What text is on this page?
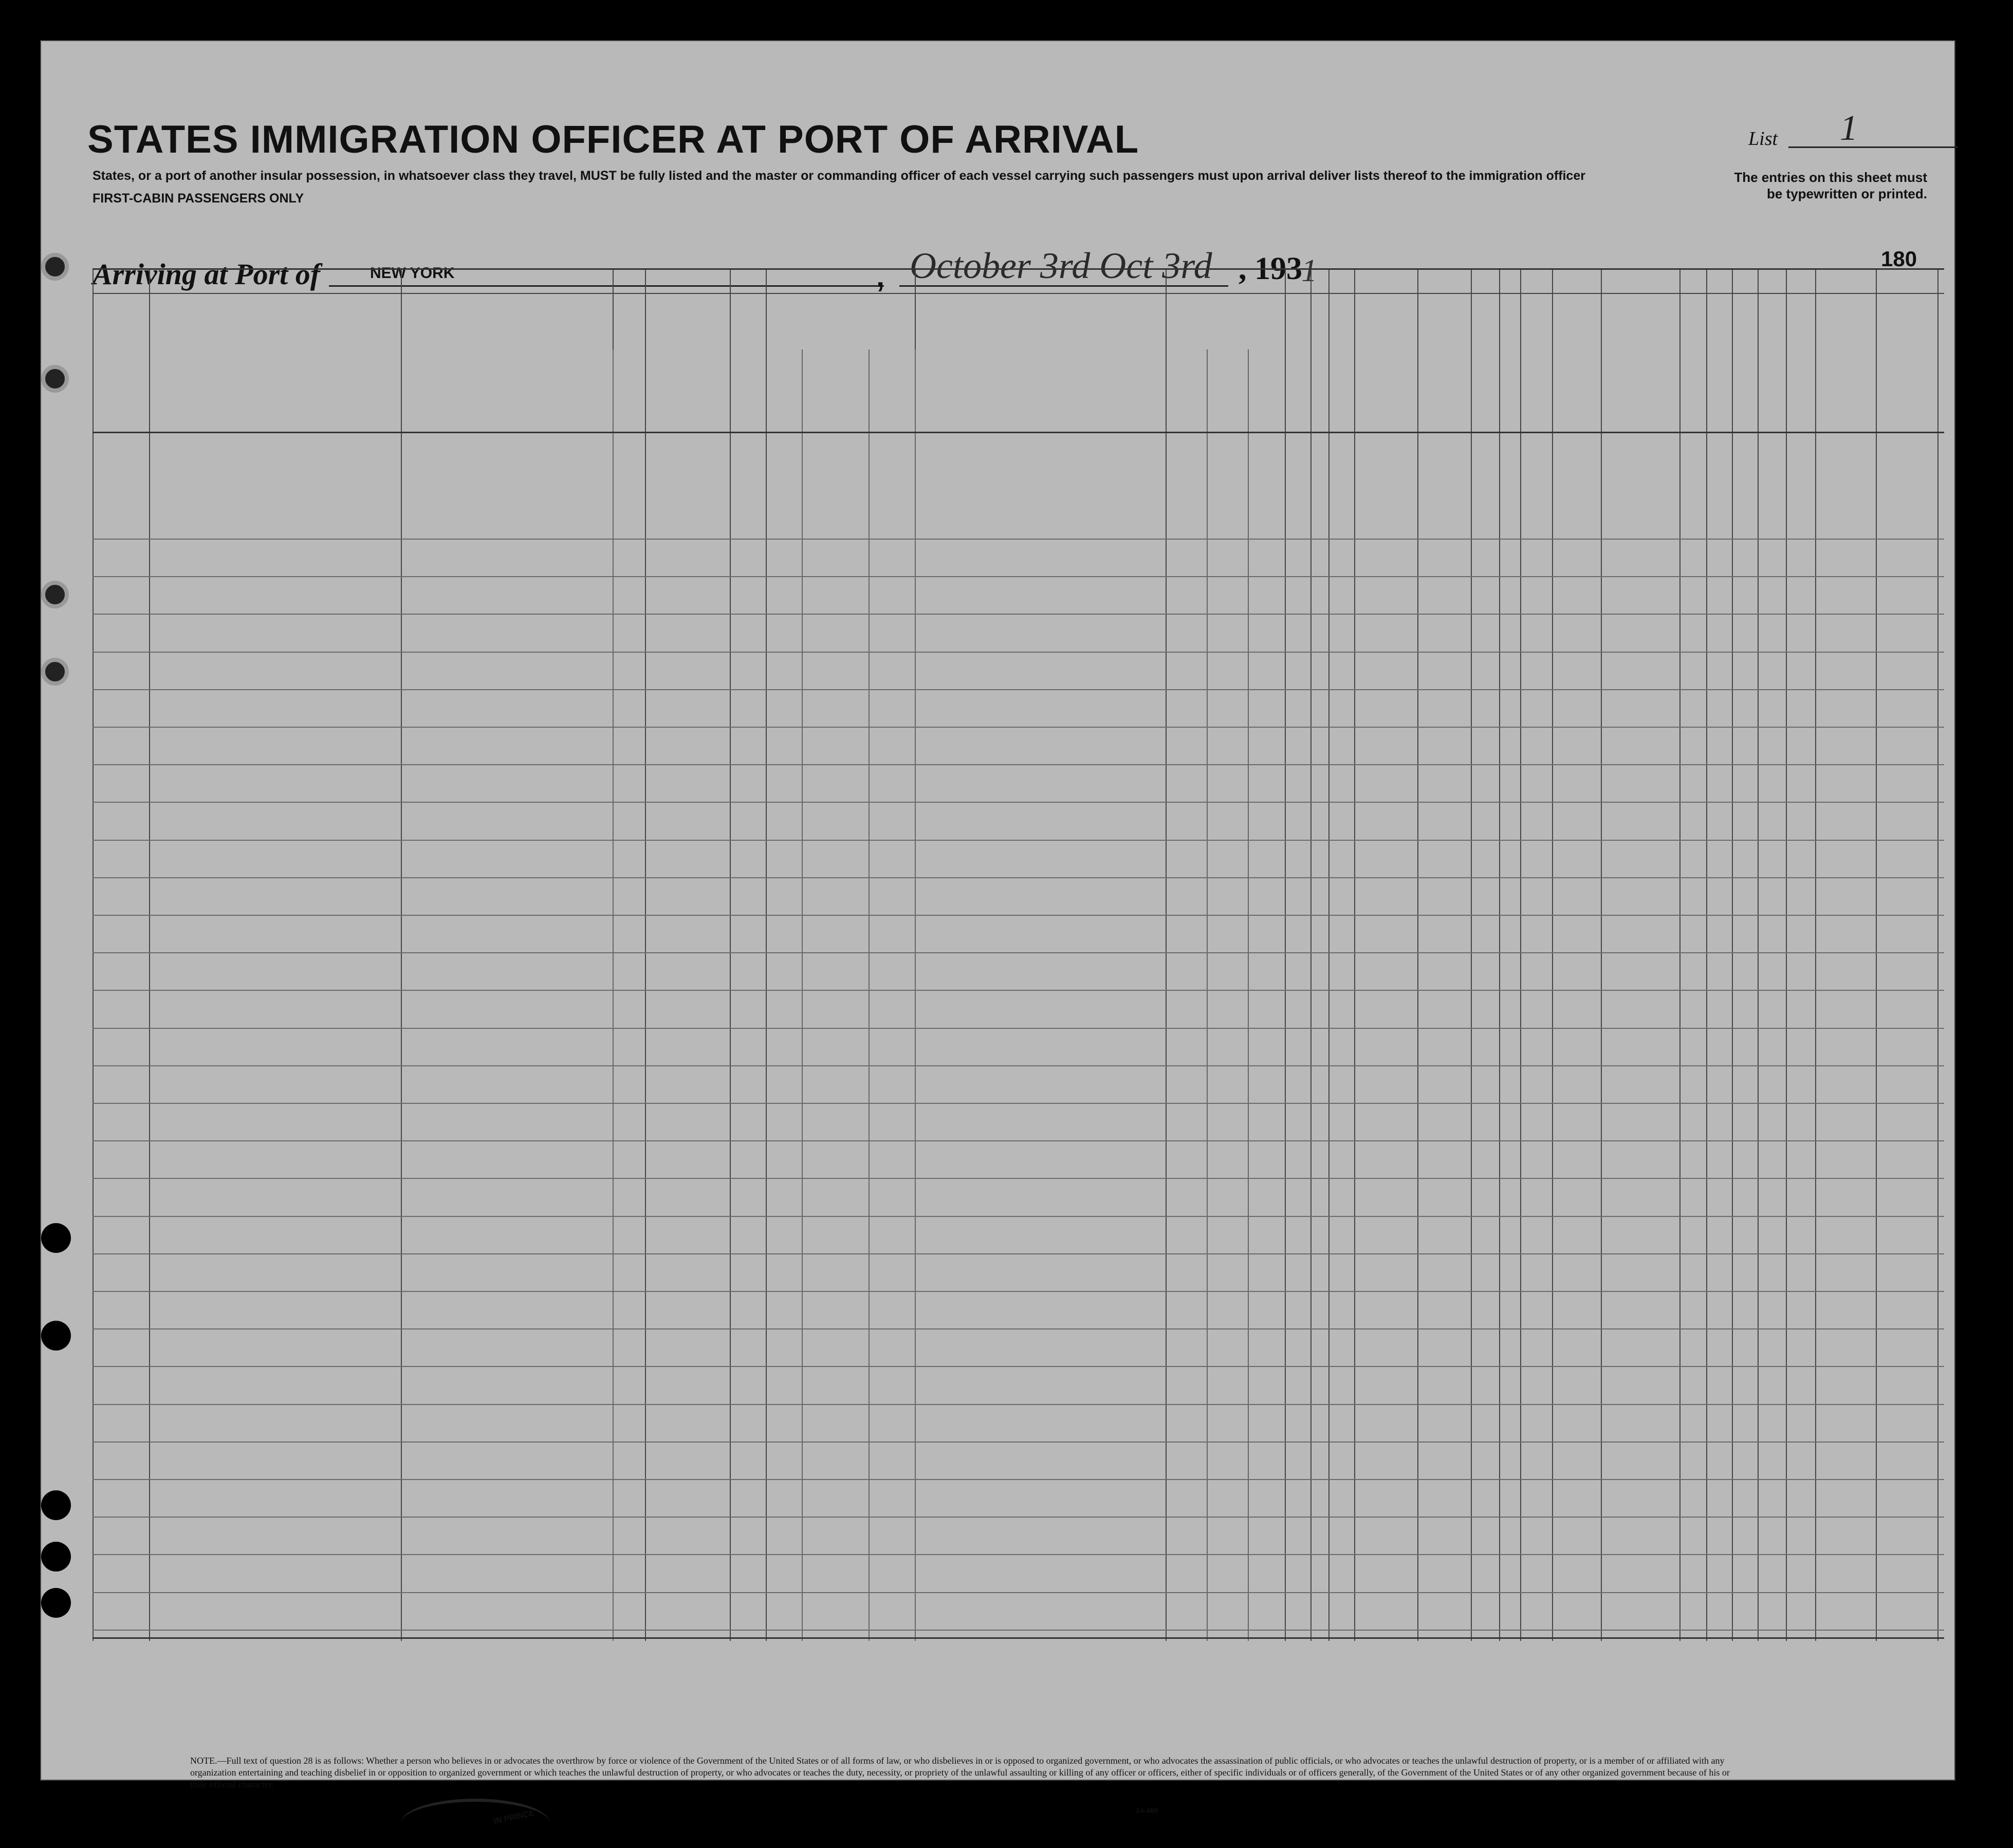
STATES IMMIGRATION OFFICER AT PORT OF ARRIVAL
States, or a port of another insular possession, in whatsoever class they travel, MUST be fully listed and the master or commanding officer of each vessel carrying such passengers must upon arrival deliver lists thereof to the immigration officer
FIRST-CABIN PASSENGERS ONLY
List 1
The entries on this sheet must
be typewritten or printed.
180
Arriving at Port of	NEW YORK	, October 3rd Oct 3rd , 193
1
NOTE.—Full text of question 28 is as follows: Whether a person who believes in or advocates the overthrow by force or violence of the Government of the United States or of all forms of law, or who disbelieves in or is opposed to organized government, or who advocates the assassination of public officials, or who advocates or teaches the unlawful destruction of property, or is a member of or affiliated with any organization entertaining and teaching disbelief in or opposition to organized government or which teaches the unlawful destruction of property, or who advocates or teaches the duty, necessity, or propriety of the unlawful assaulting or killing of any officer or officers, either of specific individuals or of officers generally, of the Government of the United States or of any other organized government because of his or their official character.
14-480
IN PRINCE
